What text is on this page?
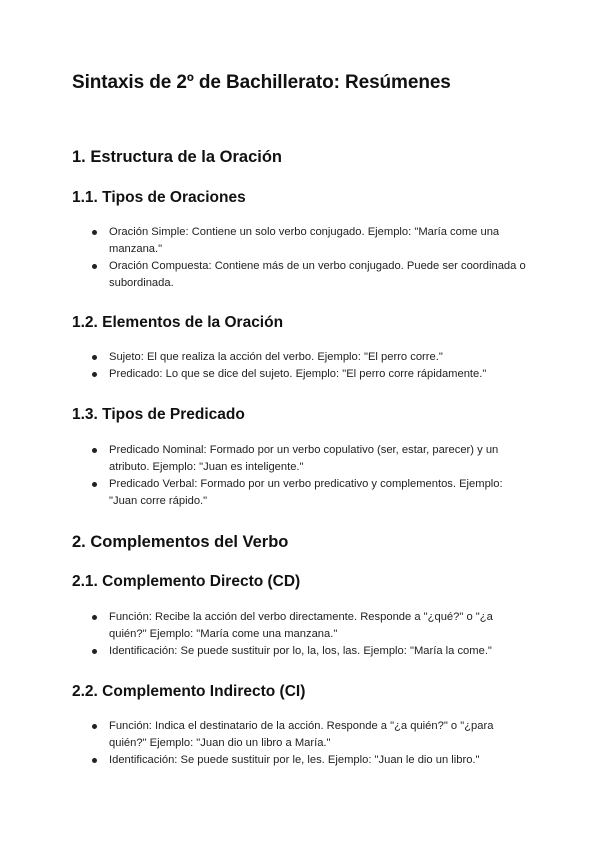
Sintaxis de 2º de Bachillerato: Resúmenes
1. Estructura de la Oración
1.1. Tipos de Oraciones
Oración Simple: Contiene un solo verbo conjugado. Ejemplo: "María come una manzana."
Oración Compuesta: Contiene más de un verbo conjugado. Puede ser coordinada o subordinada.
1.2. Elementos de la Oración
Sujeto: El que realiza la acción del verbo. Ejemplo: "El perro corre."
Predicado: Lo que se dice del sujeto. Ejemplo: "El perro corre rápidamente."
1.3. Tipos de Predicado
Predicado Nominal: Formado por un verbo copulativo (ser, estar, parecer) y un atributo. Ejemplo: "Juan es inteligente."
Predicado Verbal: Formado por un verbo predicativo y complementos. Ejemplo: "Juan corre rápido."
2. Complementos del Verbo
2.1. Complemento Directo (CD)
Función: Recibe la acción del verbo directamente. Responde a "¿qué?" o "¿a quién?" Ejemplo: "María come una manzana."
Identificación: Se puede sustituir por lo, la, los, las. Ejemplo: "María la come."
2.2. Complemento Indirecto (CI)
Función: Indica el destinatario de la acción. Responde a "¿a quién?" o "¿para quién?" Ejemplo: "Juan dio un libro a María."
Identificación: Se puede sustituir por le, les. Ejemplo: "Juan le dio un libro."
